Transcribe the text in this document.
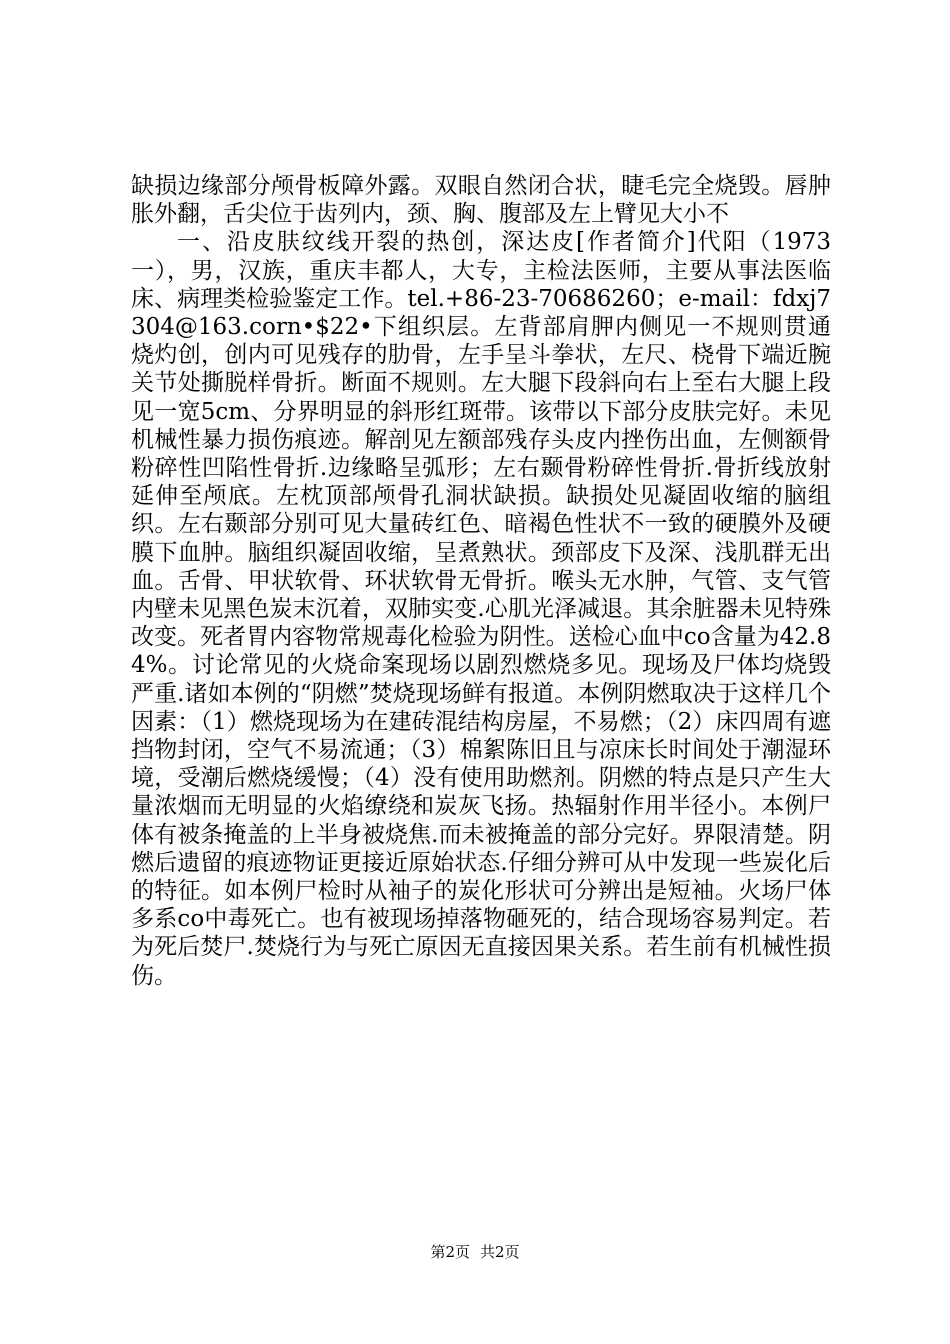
缺损边缘部分颅骨板障外露。双眼自然闭合状，睫毛完全烧毁。唇肿胀外翻，舌尖位于齿列内，颈、胸、腹部及左上臂见大小不

一、沿皮肤纹线开裂的热创，深达皮[作者简介]代阳（1973一），男，汉族，重庆丰都人，大专，主检法医师，主要从事法医临床、病理类检验鉴定工作。tel.+86-23-70686260；e-mail：fdxj7304@163.corn•$22•下组织层。左背部肩胛内侧见一不规则贯通烧灼创，创内可见残存的肋骨，左手呈斗拳状，左尺、桡骨下端近腕关节处撕脱样骨折。断面不规则。左大腿下段斜向右上至右大腿上段见一宽5cm、分界明显的斜形红斑带。该带以下部分皮肤完好。未见机械性暴力损伤痕迹。解剖见左额部残存头皮内挫伤出血，左侧额骨粉碎性凹陷性骨折.边缘略呈弧形；左右颞骨粉碎性骨折.骨折线放射延伸至颅底。左枕顶部颅骨孔洞状缺损。缺损处见凝固收缩的脑组织。左右颞部分别可见大量砖红色、暗褐色性状不一致的硬膜外及硬膜下血肿。脑组织凝固收缩，呈煮熟状。颈部皮下及深、浅肌群无出血。舌骨、甲状软骨、环状软骨无骨折。喉头无水肿，气管、支气管内壁未见黑色炭末沉着，双肺实变.心肌光泽减退。其余脏器未见特殊改变。死者胃内容物常规毒化检验为阴性。送检心血中co含量为42.84%。讨论常见的火烧命案现场以剧烈燃烧多见。现场及尸体均烧毁严重.诸如本例的“阴燃”焚烧现场鲜有报道。本例阴燃取决于这样几个因素：（1）燃烧现场为在建砖混结构房屋，不易燃；（2）床四周有遮挡物封闭，空气不易流通；（3）棉絮陈旧且与凉床长时间处于潮湿环境，受潮后燃烧缓慢；（4）没有使用助燃剂。阴燃的特点是只产生大量浓烟而无明显的火焰缭绕和炭灰飞扬。热辐射作用半径小。本例尸体有被条掩盖的上半身被烧焦.而未被掩盖的部分完好。界限清楚。阴燃后遗留的痕迹物证更接近原始状态.仔细分辨可从中发现一些炭化后的特征。如本例尸检时从袖子的炭化形状可分辨出是短袖。火场尸体多系co中毒死亡。也有被现场掉落物砸死的，结合现场容易判定。若为死后焚尸.焚烧行为与死亡原因无直接因果关系。若生前有机械性损伤。

第2页 共2页
